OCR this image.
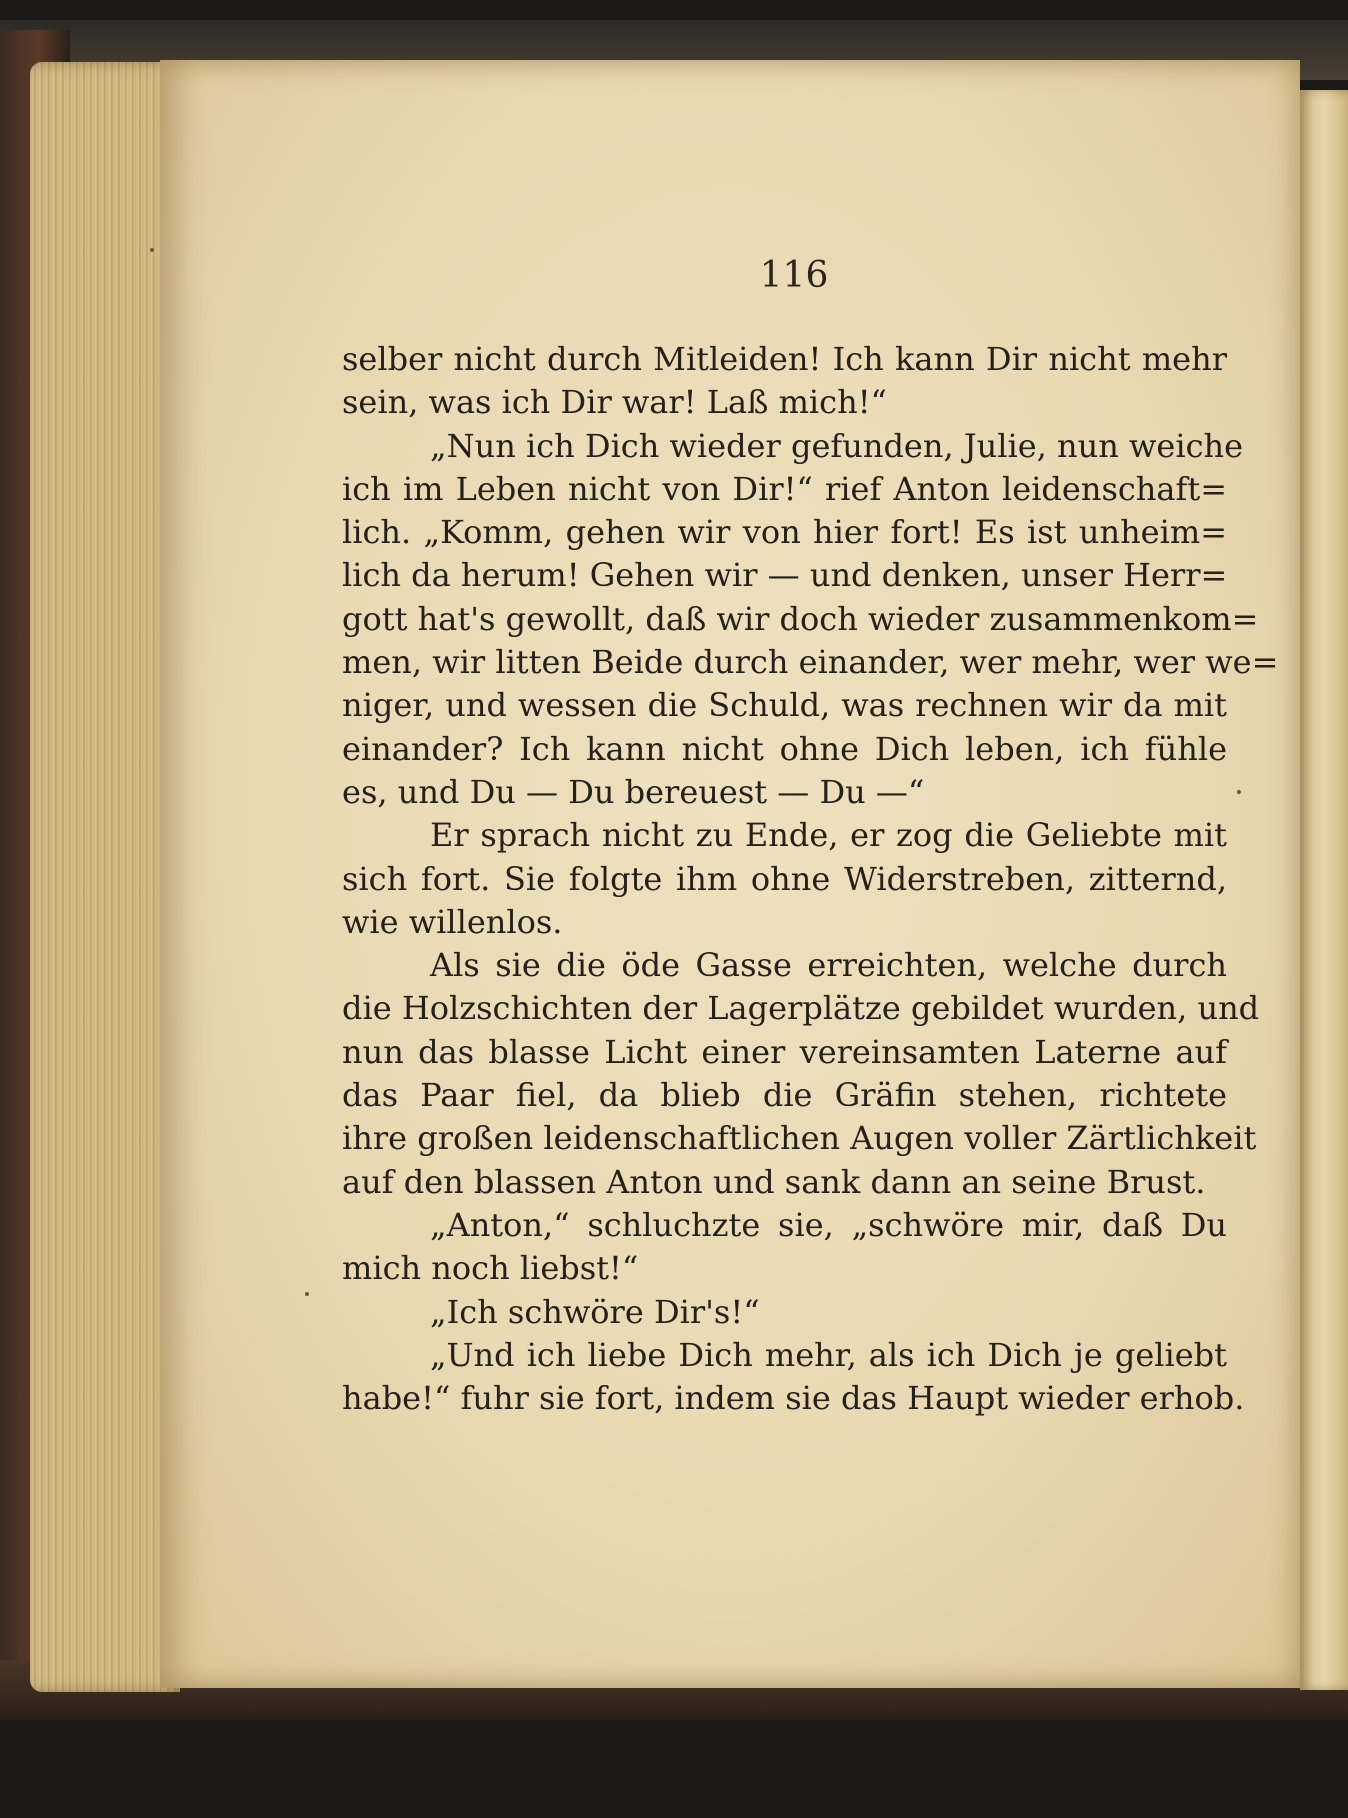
116
selber nicht durch Mitleiden! Ich kann Dir nicht mehr
sein, was ich Dir war! Laß mich!“
„Nun ich Dich wieder gefunden, Julie, nun weiche
ich im Leben nicht von Dir!“ rief Anton leidenschaft=
lich. „Komm, gehen wir von hier fort! Es ist unheim=
lich da herum! Gehen wir — und denken, unser Herr=
gott hat's gewollt, daß wir doch wieder zusammenkom=
men, wir litten Beide durch einander, wer mehr, wer we=
niger, und wessen die Schuld, was rechnen wir da mit
einander? Ich kann nicht ohne Dich leben, ich fühle
es, und Du — Du bereuest — Du —“
Er sprach nicht zu Ende, er zog die Geliebte mit
sich fort. Sie folgte ihm ohne Widerstreben, zitternd,
wie willenlos.
Als sie die öde Gasse erreichten, welche durch
die Holzschichten der Lagerplätze gebildet wurden, und
nun das blasse Licht einer vereinsamten Laterne auf
das Paar fiel, da blieb die Gräfin stehen, richtete
ihre großen leidenschaftlichen Augen voller Zärtlichkeit
auf den blassen Anton und sank dann an seine Brust.
„Anton,“ schluchzte sie, „schwöre mir, daß Du
mich noch liebst!“
„Ich schwöre Dir's!“
„Und ich liebe Dich mehr, als ich Dich je geliebt
habe!“ fuhr sie fort, indem sie das Haupt wieder erhob.
